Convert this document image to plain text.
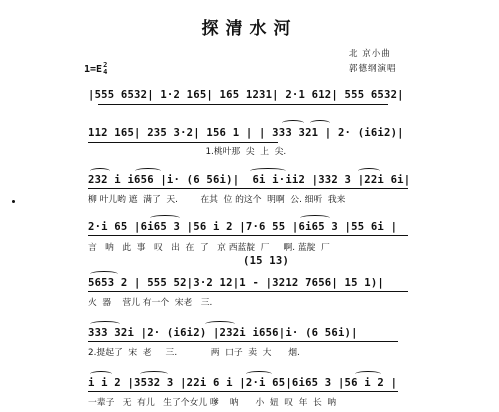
探清水河
北 京小曲
郭德纲演唱
1=E2
4
|555 6532| 1·2 165| 165 1231| 2·1 612| 555 6532|
112 165| 235 3·2| 156 1 | | 333 321 | 2· (i6i2)|
1.桃叶那  尖  上  尖.
232 i i656 |i· (6 56i)|  6i i·ii2 |332 3 |22i 6i|
柳 叶儿哟 遮  满了  天.        在其  位 的这个  明啊  公. 细听  我来
2·i 65 |6i65 3 |56 i 2 |7·6 55 |6i65 3 |55 6i |
言   呐   此  事   叹   出  在  了   京 西蓝靛  厂     啊. 蓝靛  厂
(15 13)
5653 2 | 555 52|3·2 12|1 - |3212 7656| 15 1)|
火  器    营儿 有一个  宋老   三.
333 32i |2· (i6i2) |232i i656|i· (6 56i)|
2.提起了  宋  老     三.            两  口子  卖  大      烟.
i i 2 |3532 3 |22i 6 i |2·i 65|6i65 3 |56 i 2 |
一辈子   无  有儿   生了个女儿 嗲    呐      小  妞  叹  年  长  呐
